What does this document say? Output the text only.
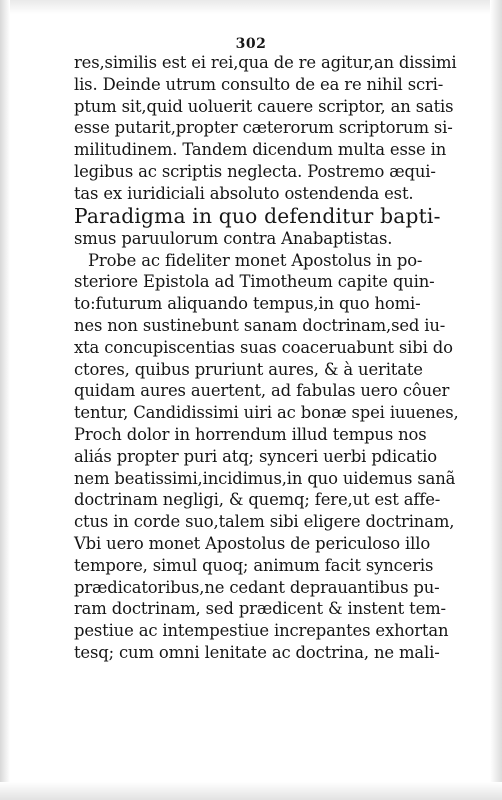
302
res,similis est ei rei,qua de re agitur,an dissimi
lis. Deinde utrum consulto de ea re nihil scri-
ptum sit,quid uoluerit cauere scriptor, an satis
esse putarit,propter cæterorum scriptorum si-
militudinem. Tandem dicendum multa esse in
legibus ac scriptis neglecta. Postremo æqui-
tas ex iuridiciali absoluto ostendenda est.
Paradigma in quo defenditur bapti-
smus paruulorum contra Anabaptistas.
Probe ac fideliter monet Apostolus in po-
steriore Epistola ad Timotheum capite quin-
to:futurum aliquando tempus,in quo homi-
nes non sustinebunt sanam doctrinam,sed iu-
xta concupiscentias suas coaceruabunt sibi do
ctores, quibus pruriunt aures, & à ueritate
quidam aures auertent, ad fabulas uero côuer
tentur, Candidissimi uiri ac bonæ spei iuuenes,
Proch dolor in horrendum illud tempus nos
aliás propter puri atq; synceri uerbi pdicatio
nem beatissimi,incidimus,in quo uidemus sanã
doctrinam negligi, & quemq; fere,ut est affe-
ctus in corde suo,talem sibi eligere doctrinam,
Vbi uero monet Apostolus de periculoso illo
tempore, simul quoq; animum facit synceris
prædicatoribus,ne cedant deprauantibus pu-
ram doctrinam, sed prædicent & instent tem-
pestiue ac intempestiue increpantes exhortan
tesq; cum omni lenitate ac doctrina, ne mali-
